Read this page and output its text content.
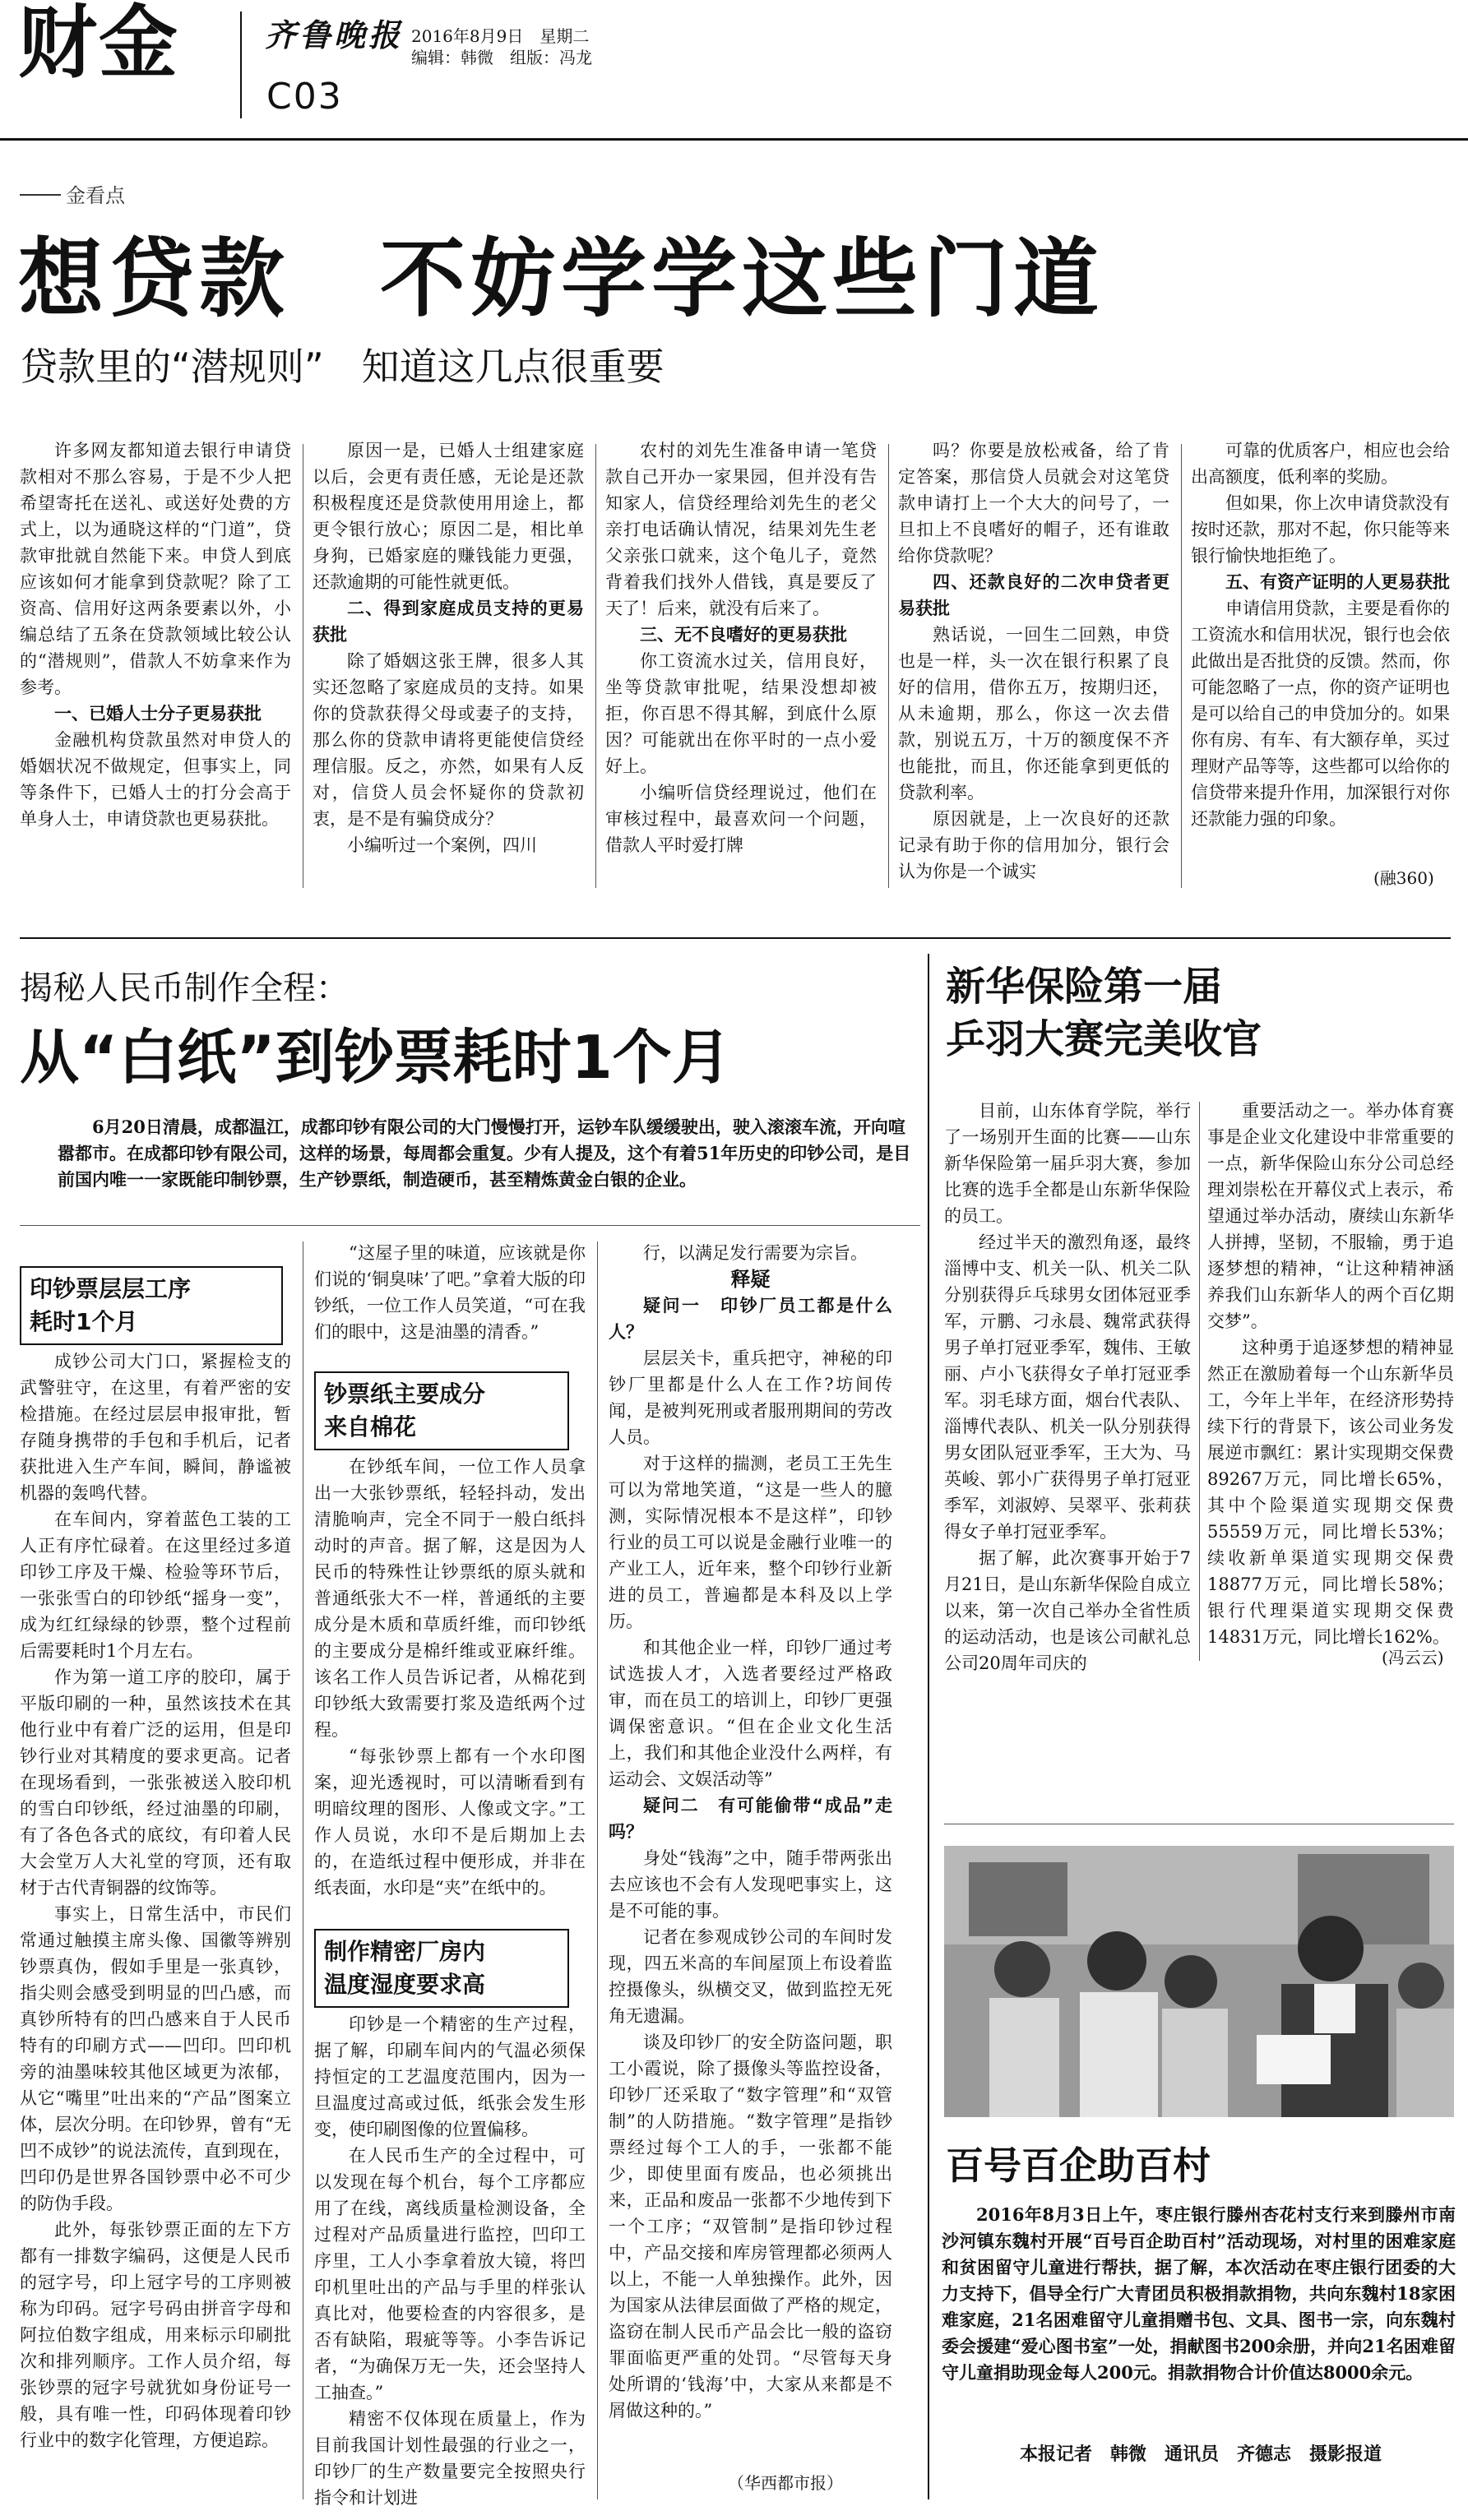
财金	齐鲁晚报 2016年8月9日　星期二
编辑：韩微　组版：冯龙
C03
金看点
想贷款　不妨学学这些门道
贷款里的“潜规则”　知道这几点很重要

许多网友都知道去银行申请贷款相对不那么容易，于是不少人把希望寄托在送礼、或送好处费的方式上，以为通晓这样的“门道”，贷款审批就自然能下来。申贷人到底应该如何才能拿到贷款呢？除了工资高、信用好这两条要素以外，小编总结了五条在贷款领域比较公认的“潜规则”，借款人不妨拿来作为参考。

一、已婚人士分子更易获批

金融机构贷款虽然对申贷人的婚姻状况不做规定，但事实上，同等条件下，已婚人士的打分会高于单身人士，申请贷款也更易获批。

原因一是，已婚人士组建家庭以后，会更有责任感，无论是还款积极程度还是贷款使用用途上，都更令银行放心；原因二是，相比单身狗，已婚家庭的赚钱能力更强，还款逾期的可能性就更低。

二、得到家庭成员支持的更易获批

除了婚姻这张王牌，很多人其实还忽略了家庭成员的支持。如果你的贷款获得父母或妻子的支持，那么你的贷款申请将更能使信贷经理信服。反之，亦然，如果有人反对，信贷人员会怀疑你的贷款初衷，是不是有骗贷成分？

小编听过一个案例，四川

农村的刘先生准备申请一笔贷款自己开办一家果园，但并没有告知家人，信贷经理给刘先生的老父亲打电话确认情况，结果刘先生老父亲张口就来，这个龟儿子，竟然背着我们找外人借钱，真是要反了天了！后来，就没有后来了。

三、无不良嗜好的更易获批

你工资流水过关，信用良好，坐等贷款审批呢，结果没想却被拒，你百思不得其解，到底什么原因？可能就出在你平时的一点小爱好上。

小编听信贷经理说过，他们在审核过程中，最喜欢问一个问题，借款人平时爱打牌

吗？你要是放松戒备，给了肯定答案，那信贷人员就会对这笔贷款申请打上一个大大的问号了，一旦扣上不良嗜好的帽子，还有谁敢给你贷款呢？

四、还款良好的二次申贷者更易获批

熟话说，一回生二回熟，申贷也是一样，头一次在银行积累了良好的信用，借你五万，按期归还，从未逾期，那么，你这一次去借款，别说五万，十万的额度保不齐也能批，而且，你还能拿到更低的贷款利率。

原因就是，上一次良好的还款记录有助于你的信用加分，银行会认为你是一个诚实

可靠的优质客户，相应也会给出高额度，低利率的奖励。

但如果，你上次申请贷款没有按时还款，那对不起，你只能等来银行愉快地拒绝了。

五、有资产证明的人更易获批

申请信用贷款，主要是看你的工资流水和信用状况，银行也会依此做出是否批贷的反馈。然而，你可能忽略了一点，你的资产证明也是可以给自己的申贷加分的。如果你有房、有车、有大额存单，买过理财产品等等，这些都可以给你的信贷带来提升作用，加深银行对你还款能力强的印象。

(融360)
揭秘人民币制作全程：
从“白纸”到钞票耗时1个月
6月20日清晨，成都温江，成都印钞有限公司的大门慢慢打开，运钞车队缓缓驶出，驶入滚滚车流，开向喧嚣都市。在成都印钞有限公司，这样的场景，每周都会重复。少有人提及，这个有着51年历史的印钞公司，是目前国内唯一一家既能印制钞票，生产钞票纸，制造硬币，甚至精炼黄金白银的企业。
印钞票层层工序
耗时1个月

成钞公司大门口，紧握检支的武警驻守，在这里，有着严密的安检措施。在经过层层申报审批，暂存随身携带的手包和手机后，记者获批进入生产车间，瞬间，静谧被机器的轰鸣代替。

在车间内，穿着蓝色工装的工人正有序忙碌着。在这里经过多道印钞工序及干燥、检验等环节后，一张张雪白的印钞纸“摇身一变”，成为红红绿绿的钞票，整个过程前后需要耗时1个月左右。

作为第一道工序的胶印，属于平版印刷的一种，虽然该技术在其他行业中有着广泛的运用，但是印钞行业对其精度的要求更高。记者在现场看到，一张张被送入胶印机的雪白印钞纸，经过油墨的印刷，有了各色各式的底纹，有印着人民大会堂万人大礼堂的穹顶，还有取材于古代青铜器的纹饰等。

事实上，日常生活中，市民们常通过触摸主席头像、国徽等辨别钞票真伪，假如手里是一张真钞，指尖则会感受到明显的凹凸感，而真钞所特有的凹凸感来自于人民币特有的印刷方式——凹印。凹印机旁的油墨味较其他区域更为浓郁，从它“嘴里”吐出来的“产品”图案立体，层次分明。在印钞界，曾有“无凹不成钞”的说法流传，直到现在，凹印仍是世界各国钞票中必不可少的防伪手段。

此外，每张钞票正面的左下方都有一排数字编码，这便是人民币的冠字号，印上冠字号的工序则被称为印码。冠字号码由拼音字母和阿拉伯数字组成，用来标示印刷批次和排列顺序。工作人员介绍，每张钞票的冠字号就犹如身份证号一般，具有唯一性，印码体现着印钞行业中的数字化管理，方便追踪。

“这屋子里的味道，应该就是你们说的‘铜臭味’了吧。”拿着大版的印钞纸，一位工作人员笑道，“可在我们的眼中，这是油墨的清香。”

钞票纸主要成分
来自棉花

在钞纸车间，一位工作人员拿出一大张钞票纸，轻轻抖动，发出清脆响声，完全不同于一般白纸抖动时的声音。据了解，这是因为人民币的特殊性让钞票纸的原头就和普通纸张大不一样，普通纸的主要成分是木质和草质纤维，而印钞纸的主要成分是棉纤维或亚麻纤维。该名工作人员告诉记者，从棉花到印钞纸大致需要打浆及造纸两个过程。

“每张钞票上都有一个水印图案，迎光透视时，可以清晰看到有明暗纹理的图形、人像或文字。”工作人员说，水印不是后期加上去的，在造纸过程中便形成，并非在纸表面，水印是“夹”在纸中的。

制作精密厂房内
温度湿度要求高

印钞是一个精密的生产过程，据了解，印刷车间内的气温必须保持恒定的工艺温度范围内，因为一旦温度过高或过低，纸张会发生形变，使印刷图像的位置偏移。

在人民币生产的全过程中，可以发现在每个机台，每个工序都应用了在线，离线质量检测设备，全过程对产品质量进行监控，凹印工序里，工人小李拿着放大镜，将凹印机里吐出的产品与手里的样张认真比对，他要检查的内容很多，是否有缺陷，瑕疵等等。小李告诉记者，“为确保万无一失，还会坚持人工抽查。”

精密不仅体现在质量上，作为目前我国计划性最强的行业之一，印钞厂的生产数量要完全按照央行指令和计划进

行，以满足发行需要为宗旨。

释疑
疑问一　印钞厂员工都是什么人？

层层关卡，重兵把守，神秘的印钞厂里都是什么人在工作?坊间传闻，是被判死刑或者服刑期间的劳改人员。

对于这样的揣测，老员工王先生可以为常地笑道，“这是一些人的臆测，实际情况根本不是这样”，印钞行业的员工可以说是金融行业唯一的产业工人，近年来，整个印钞行业新进的员工，普遍都是本科及以上学历。

和其他企业一样，印钞厂通过考试选拔人才，入选者要经过严格政审，而在员工的培训上，印钞厂更强调保密意识。“但在企业文化生活上，我们和其他企业没什么两样，有运动会、文娱活动等”

疑问二　有可能偷带“成品”走吗？

身处“钱海”之中，随手带两张出去应该也不会有人发现吧事实上，这是不可能的事。

记者在参观成钞公司的车间时发现，四五米高的车间屋顶上布设着监控摄像头，纵横交叉，做到监控无死角无遗漏。

谈及印钞厂的安全防盗问题，职工小霞说，除了摄像头等监控设备，印钞厂还采取了“数字管理”和“双管制”的人防措施。“数字管理”是指钞票经过每个工人的手，一张都不能少，即使里面有废品，也必须挑出来，正品和废品一张都不少地传到下一个工序；“双管制”是指印钞过程中，产品交接和库房管理都必须两人以上，不能一人单独操作。此外，因为国家从法律层面做了严格的规定，盗窃在制人民币产品会比一般的盗窃罪面临更严重的处罚。“尽管每天身处所谓的‘钱海’中，大家从来都是不屑做这种的。”

（华西都市报）
新华保险第一届
乒羽大赛完美收官

目前，山东体育学院，举行了一场别开生面的比赛——山东新华保险第一届乒羽大赛，参加比赛的选手全都是山东新华保险的员工。

经过半天的激烈角逐，最终淄博中支、机关一队、机关二队分别获得乒乓球男女团体冠亚季军，亓鹏、刁永晨、魏常武获得男子单打冠亚季军，魏伟、王敏丽、卢小飞获得女子单打冠亚季军。羽毛球方面，烟台代表队、淄博代表队、机关一队分别获得男女团队冠亚季军，王大为、马英峻、郭小广获得男子单打冠亚季军，刘淑婷、吴翠平、张莉获得女子单打冠亚季军。

据了解，此次赛事开始于7月21日，是山东新华保险自成立以来，第一次自己举办全省性质的运动活动，也是该公司献礼总公司20周年司庆的

重要活动之一。举办体育赛事是企业文化建设中非常重要的一点，新华保险山东分公司总经理刘崇松在开幕仪式上表示，希望通过举办活动，赓续山东新华人拼搏，坚韧，不服输，勇于追逐梦想的精神，“让这种精神涵养我们山东新华人的两个百亿期交梦”。

这种勇于追逐梦想的精神显然正在激励着每一个山东新华员工，今年上半年，在经济形势持续下行的背景下，该公司业务发展逆市飘红：累计实现期交保费89267万元，同比增长65%，其中个险渠道实现期交保费55559万元，同比增长53%；续收新单渠道实现期交保费18877万元，同比增长58%；银行代理渠道实现期交保费14831万元，同比增长162%。

(冯云云)
百号百企助百村

2016年8月3日上午，枣庄银行滕州杏花村支行来到滕州市南沙河镇东魏村开展“百号百企助百村”活动现场，对村里的困难家庭和贫困留守儿童进行帮扶，据了解，本次活动在枣庄银行团委的大力支持下，倡导全行广大青团员积极捐款捐物，共向东魏村18家困难家庭，21名困难留守儿童捐赠书包、文具、图书一宗，向东魏村委会援建“爱心图书室”一处，捐献图书200余册，并向21名困难留守儿童捐助现金每人200元。捐款捐物合计价值达8000余元。

本报记者　韩微　通讯员　齐德志　摄影报道
